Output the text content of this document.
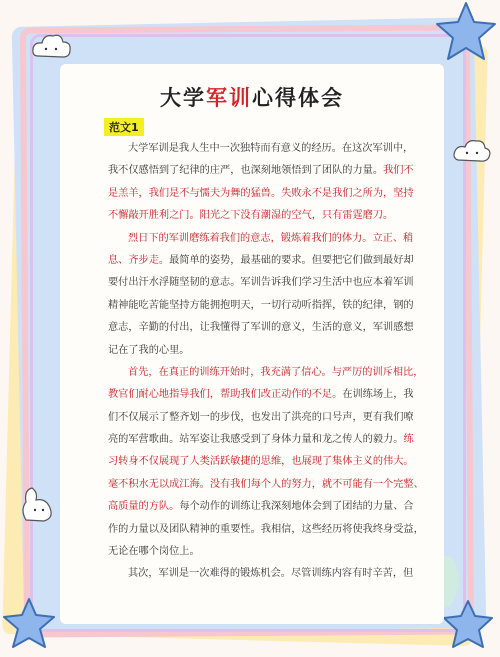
大学军训心得体会
范文1
大学军训是我人生中一次独特而有意义的经历。在这次军训中，
我不仅感悟到了纪律的庄严，也深刻地领悟到了团队的力量。我们不
是羔羊，我们是不与懦夫为舞的猛兽。失败永不是我们之所为，坚持
不懈敲开胜利之门。阳光之下没有潮湿的空气，只有雷霆磨刀。
烈日下的军训磨练着我们的意志，锻炼着我们的体力。立正、稍
息、齐步走。最简单的姿势，最基础的要求。但要把它们做到最好却
要付出汗水浮随坚韧的意志。军训告诉我们学习生活中也应本着军训
精神能吃苦能坚持方能拥抱明天，一切行动听指挥，铁的纪律，钢的
意志，辛勤的付出，让我懂得了军训的意义，生活的意义，军训感想
记在了我的心里。
首先，在真正的训练开始时，我充满了信心。与严厉的训斥相比，
教官们耐心地指导我们，帮助我们改正动作的不足。在训练场上，我
们不仅展示了整齐划一的步伐，也发出了洪亮的口号声，更有我们嘹
亮的军营歌曲。站军姿让我感受到了身体力量和龙之传人的毅力。练
习转身不仅展现了人类活跃敏捷的思维，也展现了集体主义的伟大。
毫不积水无以成江海。没有我们每个人的努力，就不可能有一个完整、
高质量的方队。每个动作的训练让我深刻地体会到了团结的力量、合
作的力量以及团队精神的重要性。我相信，这些经历将使我终身受益，
无论在哪个岗位上。
其次，军训是一次难得的锻炼机会。尽管训练内容有时辛苦，但
